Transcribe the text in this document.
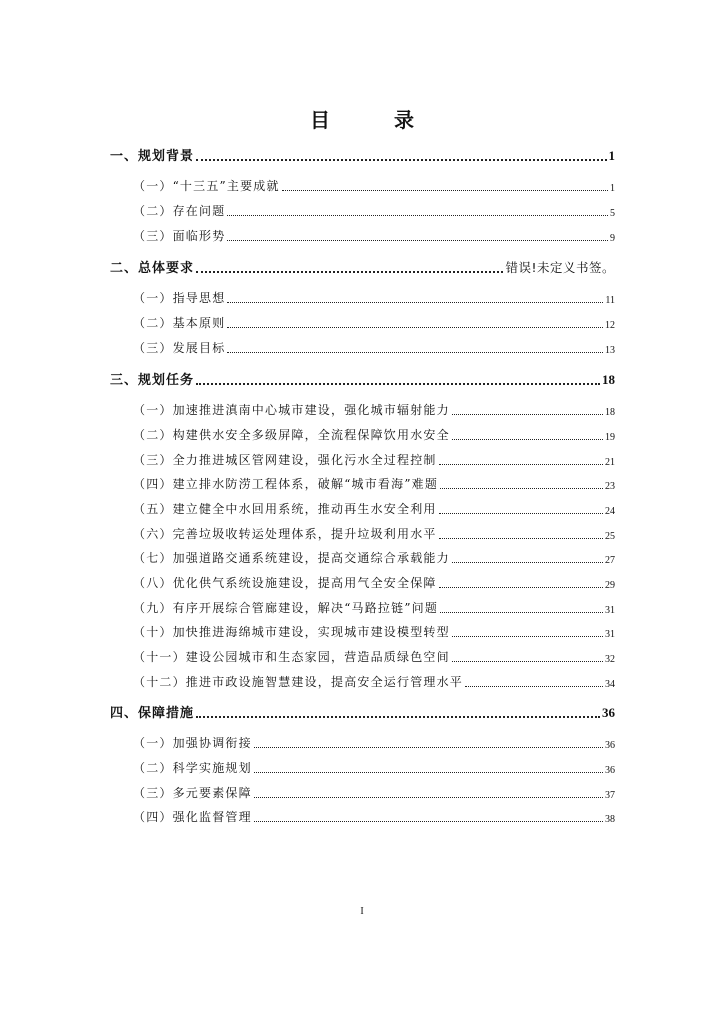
目　录
一、规划背景	1
（一）“十三五”主要成就	1
（二）存在问题	5
（三）面临形势	9
二、总体要求	错误!未定义书签。
（一）指导思想	11
（二）基本原则	12
（三）发展目标	13
三、规划任务	18
（一）加速推进滇南中心城市建设，强化城市辐射能力	18
（二）构建供水安全多级屏障，全流程保障饮用水安全	19
（三）全力推进城区管网建设，强化污水全过程控制	21
（四）建立排水防涝工程体系，破解“城市看海”难题	23
（五）建立健全中水回用系统，推动再生水安全利用	24
（六）完善垃圾收转运处理体系，提升垃圾利用水平	25
（七）加强道路交通系统建设，提高交通综合承载能力	27
（八）优化供气系统设施建设，提高用气全安全保障	29
（九）有序开展综合管廊建设，解决“马路拉链”问题	31
（十）加快推进海绵城市建设，实现城市建设模型转型	31
（十一）建设公园城市和生态家园，营造品质绿色空间	32
（十二）推进市政设施智慧建设，提高安全运行管理水平	34
四、保障措施	36
（一）加强协调衔接	36
（二）科学实施规划	36
（三）多元要素保障	37
（四）强化监督管理	38
I
